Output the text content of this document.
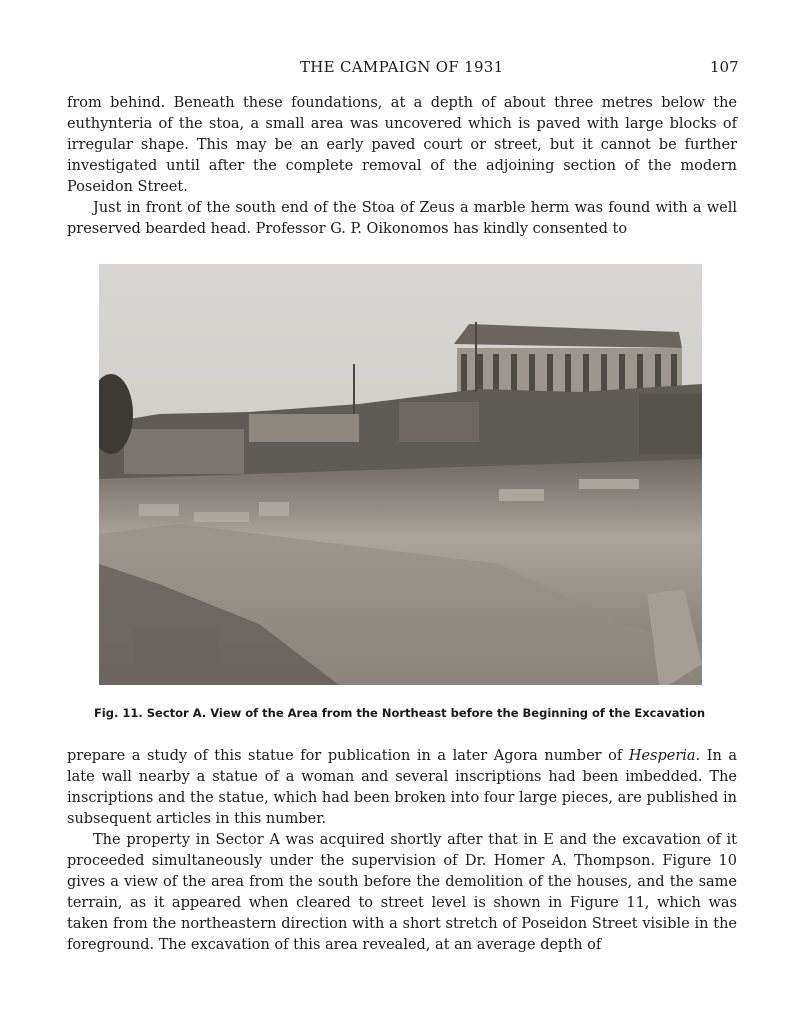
THE CAMPAIGN OF 1931	107

from behind. Beneath these foundations, at a depth of about three metres below the euthynteria of the stoa, a small area was uncovered which is paved with large blocks of irregular shape. This may be an early paved court or street, but it cannot be further investigated until after the complete removal of the adjoining section of the modern Poseidon Street.

Just in front of the south end of the Stoa of Zeus a marble herm was found with a well preserved bearded head. Professor G. P. Oikonomos has kindly consented to

Fig. 11. Sector A. View of the Area from the Northeast before the Beginning of the Excavation

prepare a study of this statue for publication in a later Agora number of Hesperia. In a late wall nearby a statue of a woman and several inscriptions had been imbedded. The inscriptions and the statue, which had been broken into four large pieces, are published in subsequent articles in this number.

The property in Sector A was acquired shortly after that in E and the excavation of it proceeded simultaneously under the supervision of Dr. Homer A. Thompson. Figure 10 gives a view of the area from the south before the demolition of the houses, and the same terrain, as it appeared when cleared to street level is shown in Figure 11, which was taken from the northeastern direction with a short stretch of Poseidon Street visible in the foreground. The excavation of this area revealed, at an average depth of
